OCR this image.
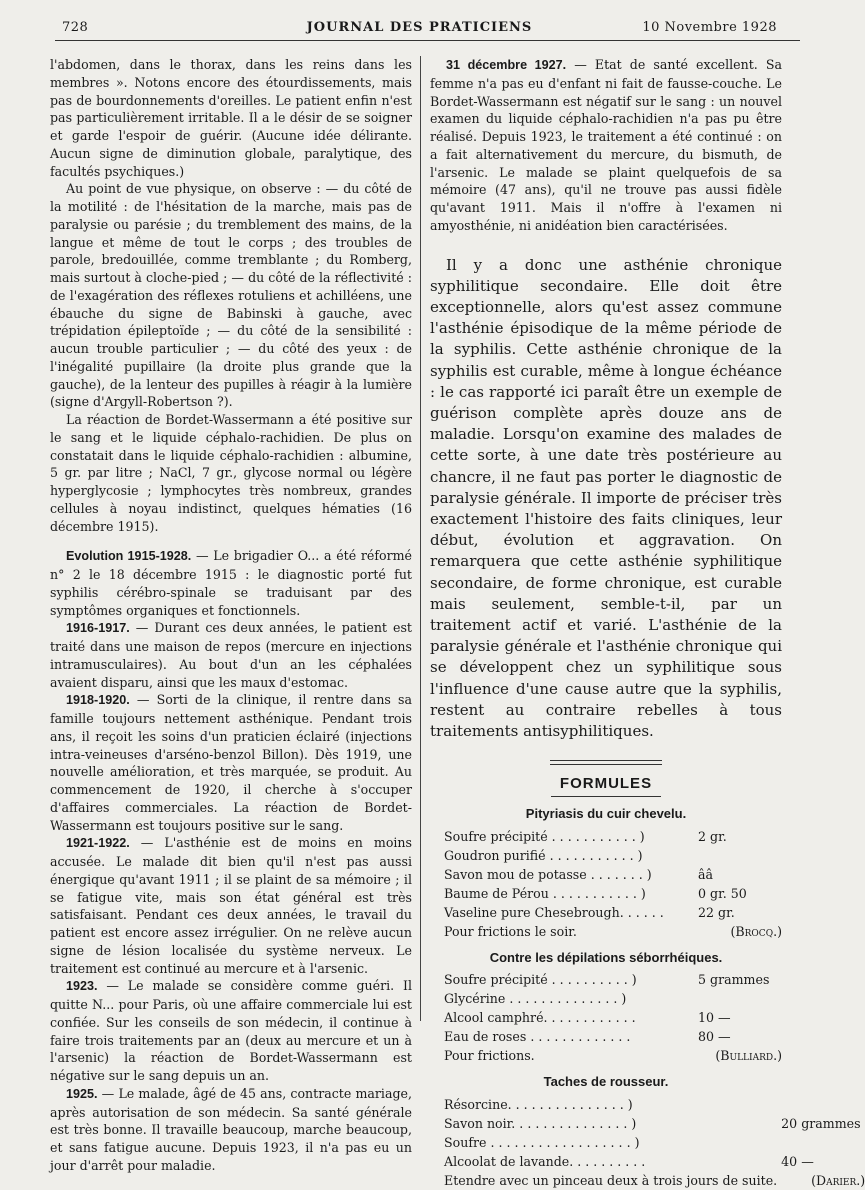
728	JOURNAL DES PRATICIENS	10 Novembre 1928

l'abdomen, dans le thorax, dans les reins dans les membres ». Notons encore des étourdissements, mais pas de bourdonnements d'oreilles. Le patient enfin n'est pas particulièrement irritable. Il a le désir de se soigner et garde l'espoir de guérir. (Aucune idée délirante. Aucun signe de diminution globale, paralytique, des facultés psychiques.)

Au point de vue physique, on observe : — du côté de la motilité : de l'hésitation de la marche, mais pas de paralysie ou parésie ; du tremblement des mains, de la langue et même de tout le corps ; des troubles de parole, bredouillée, comme tremblante ; du Romberg, mais surtout à cloche-pied ; — du côté de la réflectivité : de l'exagération des réflexes rotuliens et achilléens, une ébauche du signe de Babinski à gauche, avec trépidation épileptoïde ; — du côté de la sensibilité : aucun trouble particulier ; — du côté des yeux : de l'inégalité pupillaire (la droite plus grande que la gauche), de la lenteur des pupilles à réagir à la lumière (signe d'Argyll-Robertson ?).

La réaction de Bordet-Wassermann a été positive sur le sang et le liquide céphalo-rachidien. De plus on constatait dans le liquide céphalo-rachidien : albumine, 5 gr. par litre ; NaCl, 7 gr., glycose normal ou légère hyperglycosie ; lymphocytes très nombreux, grandes cellules à noyau indistinct, quelques hématies (16 décembre 1915).

Evolution 1915-1928. — Le brigadier O... a été réformé n° 2 le 18 décembre 1915 : le diagnostic porté fut syphilis cérébro-spinale se traduisant par des symptômes organiques et fonctionnels.

1916-1917. — Durant ces deux années, le patient est traité dans une maison de repos (mercure en injections intramusculaires). Au bout d'un an les céphalées avaient disparu, ainsi que les maux d'estomac.

1918-1920. — Sorti de la clinique, il rentre dans sa famille toujours nettement asthénique. Pendant trois ans, il reçoit les soins d'un praticien éclairé (injections intra-veineuses d'arséno-benzol Billon). Dès 1919, une nouvelle amélioration, et très marquée, se produit. Au commencement de 1920, il cherche à s'occuper d'affaires commerciales. La réaction de Bordet-Wassermann est toujours positive sur le sang.

1921-1922. — L'asthénie est de moins en moins accusée. Le malade dit bien qu'il n'est pas aussi énergique qu'avant 1911 ; il se plaint de sa mémoire ; il se fatigue vite, mais son état général est très satisfaisant. Pendant ces deux années, le travail du patient est encore assez irrégulier. On ne relève aucun signe de lésion localisée du système nerveux. Le traitement est continué au mercure et à l'arsenic.

1923. — Le malade se considère comme guéri. Il quitte N... pour Paris, où une affaire commerciale lui est confiée. Sur les conseils de son médecin, il continue à faire trois traitements par an (deux au mercure et un à l'arsenic) la réaction de Bordet-Wassermann est négative sur le sang depuis un an.

1925. — Le malade, âgé de 45 ans, contracte mariage, après autorisation de son médecin. Sa santé générale est très bonne. Il travaille beaucoup, marche beaucoup, et sans fatigue aucune. Depuis 1923, il n'a pas eu un jour d'arrêt pour maladie.

31 décembre 1927. — Etat de santé excellent. Sa femme n'a pas eu d'enfant ni fait de fausse-couche. Le Bordet-Wassermann est négatif sur le sang : un nouvel examen du liquide céphalo-rachidien n'a pas pu être réalisé. Depuis 1923, le traitement a été continué : on a fait alternativement du mercure, du bismuth, de l'arsenic. Le malade se plaint quelquefois de sa mémoire (47 ans), qu'il ne trouve pas aussi fidèle qu'avant 1911. Mais il n'offre à l'examen ni amyosthénie, ni anidéation bien caractérisées.

Il y a donc une asthénie chronique syphilitique secondaire. Elle doit être exceptionnelle, alors qu'est assez commune l'asthénie épisodique de la même période de la syphilis. Cette asthénie chronique de la syphilis est curable, même à longue échéance : le cas rapporté ici paraît être un exemple de guérison complète après douze ans de maladie. Lorsqu'on examine des malades de cette sorte, à une date très postérieure au chancre, il ne faut pas porter le diagnostic de paralysie générale. Il importe de préciser très exactement l'histoire des faits cliniques, leur début, évolution et aggravation. On remarquera que cette asthénie syphilitique secondaire, de forme chronique, est curable mais seulement, semble-t-il, par un traitement actif et varié. L'asthénie de la paralysie générale et l'asthénie chronique qui se développent chez un syphilitique sous l'influence d'une cause autre que la syphilis, restent au contraire rebelles à tous traitements antisyphilitiques.

FORMULES
Pityriasis du cuir chevelu.
Soufre précipité . . . . . . . . . . . )	2 gr.
Goudron purifié . . . . . . . . . . . )
Savon mou de potasse . . . . . . . )	ââ
Baume de Pérou . . . . . . . . . . . )	0 gr. 50
Vaseline pure Chesebrough. . . . . .	22 gr.
Pour frictions le soir.	(Brocq.)
Contre les dépilations séborrhéiques.
Soufre précipité . . . . . . . . . . )	5 grammes
Glycérine . . . . . . . . . . . . . . )
Alcool camphré. . . . . . . . . . . .	10 —
Eau de roses . . . . . . . . . . . . .	80 —
Pour frictions.	(Bulliard.)
Taches de rousseur.
Résorcine. . . . . . . . . . . . . . . )
Savon noir. . . . . . . . . . . . . . . )	20 grammes
Soufre . . . . . . . . . . . . . . . . . . )
Alcoolat de lavande. . . . . . . . . .	40 —
Etendre avec un pinceau deux à trois jours de suite.	(Darier.)
